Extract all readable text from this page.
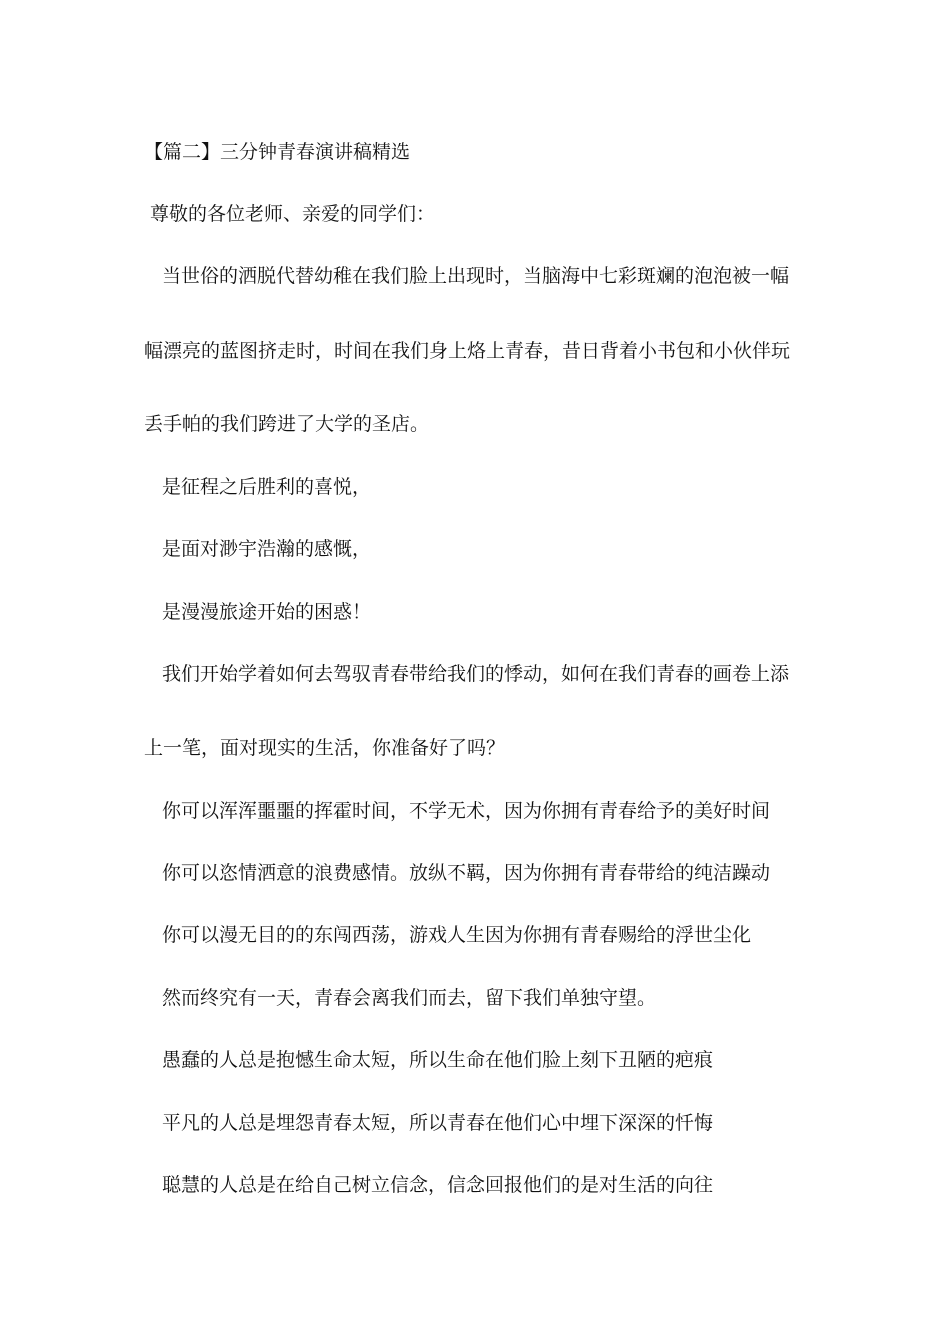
【篇二】三分钟青春演讲稿精选
尊敬的各位老师、亲爱的同学们：
当世俗的洒脱代替幼稚在我们脸上出现时，当脑海中七彩斑斓的泡泡被一幅
幅漂亮的蓝图挤走时，时间在我们身上烙上青春，昔日背着小书包和小伙伴玩
丢手帕的我们跨进了大学的圣店。
是征程之后胜利的喜悦，
是面对渺宇浩瀚的感慨，
是漫漫旅途开始的困惑！
我们开始学着如何去驾驭青春带给我们的悸动，如何在我们青春的画卷上添
上一笔，面对现实的生活，你准备好了吗？
你可以浑浑噩噩的挥霍时间，不学无术，因为你拥有青春给予的美好时间
你可以恣情洒意的浪费感情。放纵不羁，因为你拥有青春带给的纯洁躁动
你可以漫无目的的东闯西荡，游戏人生因为你拥有青春赐给的浮世尘化
然而终究有一天，青春会离我们而去，留下我们单独守望。
愚蠢的人总是抱憾生命太短，所以生命在他们脸上刻下丑陋的疤痕
平凡的人总是埋怨青春太短，所以青春在他们心中埋下深深的忏悔
聪慧的人总是在给自己树立信念，信念回报他们的是对生活的向往
